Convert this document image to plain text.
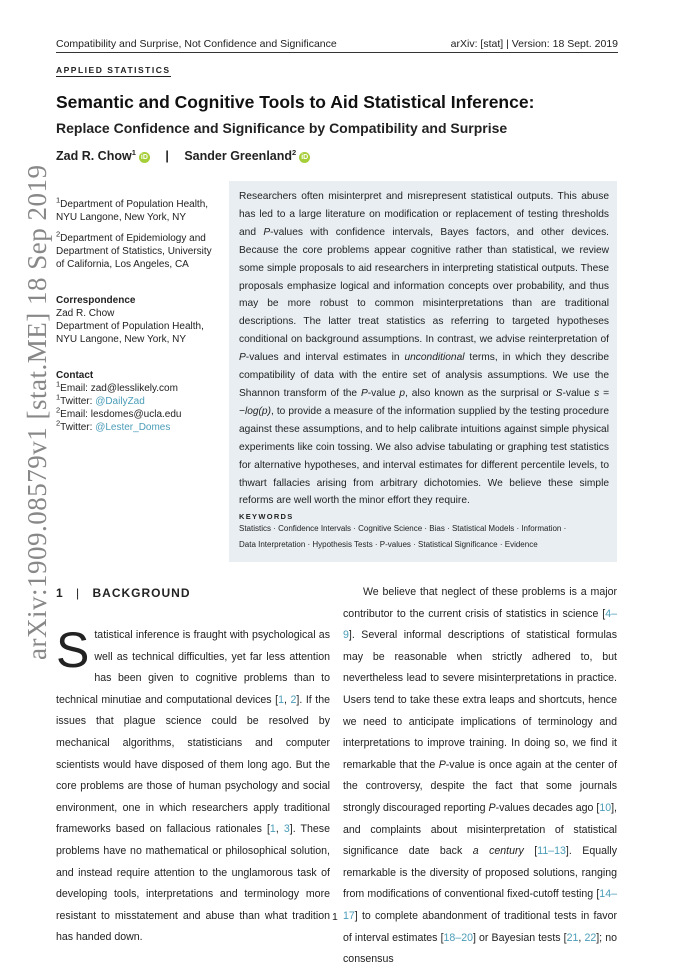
Compatibility and Surprise, Not Confidence and Significance	arXiv: [stat] | Version: 18 Sept. 2019
APPLIED STATISTICS
Semantic and Cognitive Tools to Aid Statistical Inference:
Replace Confidence and Significance by Compatibility and Surprise
Zad R. Chow$^1$iD | Sander Greenland$^2$iD
$^1$Department of Population Health, NYU Langone, New York, NY
$^2$Department of Epidemiology and Department of Statistics, University of California, Los Angeles, CA
Correspondence
Zad R. Chow
Department of Population Health,
NYU Langone, New York, NY
Contact
$^1$Email: zad@lesslikely.com
$^1$Twitter: @DailyZad
$^2$Email: lesdomes@ucla.edu
$^2$Twitter: @Lester_Domes
arXiv:1909.08579v1 [stat.ME] 18 Sep 2019	Researchers often misinterpret and misrepresent statistical outputs. This abuse has led to a large literature on modification or replacement of testing thresholds and P-values with confidence intervals, Bayes factors, and other devices. Because the core problems appear cognitive rather than statistical, we review some simple proposals to aid researchers in interpreting statistical outputs. These proposals emphasize logical and information concepts over probability, and thus may be more robust to common misinterpretations than are traditional descriptions. The latter treat statistics as referring to targeted hypotheses conditional on background assumptions. In contrast, we advise reinterpretation of P-values and interval estimates in unconditional terms, in which they describe compatibility of data with the entire set of analysis assumptions. We use the Shannon transform of the P-value p, also known as the surprisal or S-value s = −log(p), to provide a measure of the information supplied by the testing procedure against these assumptions, and to help calibrate intuitions against simple physical experiments like coin tossing. We also advise tabulating or graphing test statistics for alternative hypotheses, and interval estimates for different percentile levels, to thwart fallacies arising from arbitrary dichotomies. We believe these simple reforms are well worth the minor effort they require.
KEYWORDS
Statistics · Confidence Intervals · Cognitive Science · Bias · Statistical Models · Information ·
Data Interpretation · Hypothesis Tests · P-values · Statistical Significance · Evidence
1 | BACKGROUND
Statistical inference is fraught with psychological as well as technical difficulties, yet far less attention has been given to cognitive problems than to technical minutiae and computational devices [1, 2]. If the issues that plague science could be resolved by mechanical algorithms, statisticians and computer scientists would have disposed of them long ago. But the core problems are those of human psychology and social environment, one in which researchers apply traditional frameworks based on fallacious rationales [1, 3]. These problems have no mathematical or philosophical solution, and instead require attention to the unglamorous task of developing tools, interpretations and terminology more resistant to misstatement and abuse than what tradition has handed down.
We believe that neglect of these problems is a major contributor to the current crisis of statistics in science [4–9]. Several informal descriptions of statistical formulas may be reasonable when strictly adhered to, but nevertheless lead to severe misinterpretations in practice. Users tend to take these extra leaps and shortcuts, hence we need to anticipate implications of terminology and interpretations to improve training. In doing so, we find it remarkable that the P-value is once again at the center of the controversy, despite the fact that some journals strongly discouraged reporting P-values decades ago [10], and complaints about misinterpretation of statistical significance date back a century [11–13]. Equally remarkable is the diversity of proposed solutions, ranging from modifications of conventional fixed-cutoff testing [14–17] to complete abandonment of traditional tests in favor of interval estimates [18–20] or Bayesian tests [21, 22]; no consensus
1
